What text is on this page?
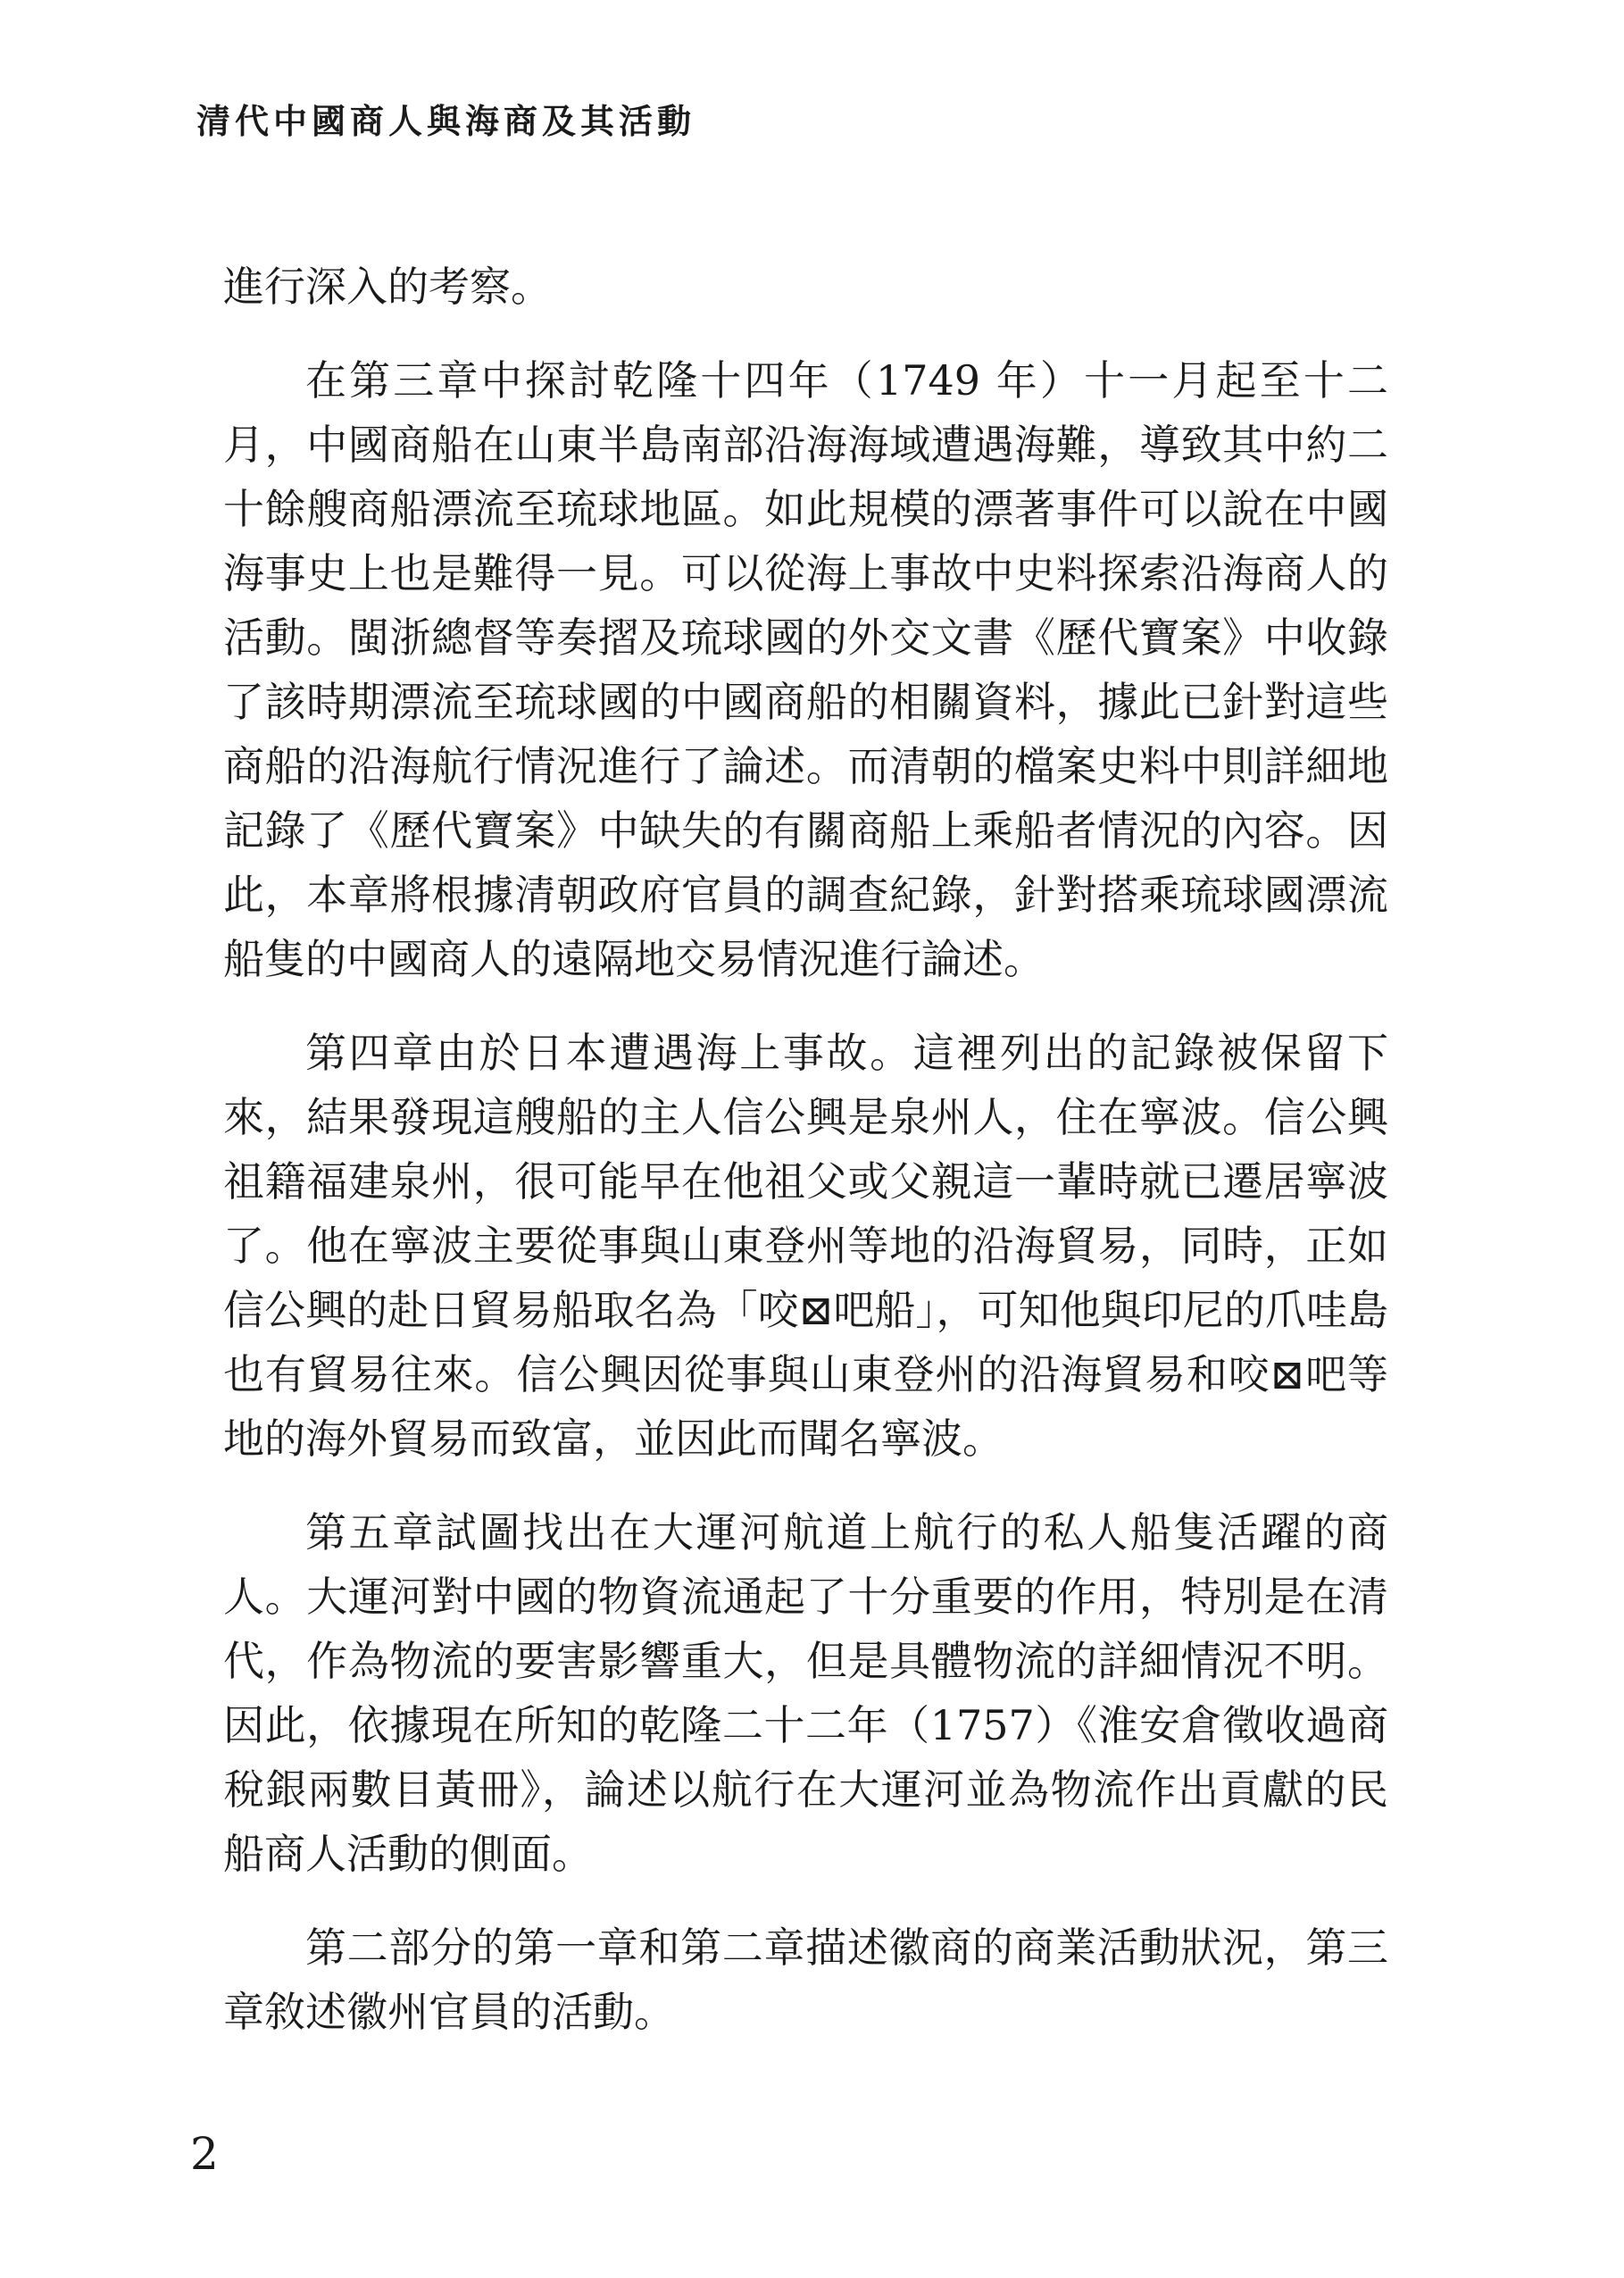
清代中國商人與海商及其活動

進行深入的考察。

在第三章中探討乾隆十四年（1749 年）十一月起至十二月，中國商船在山東半島南部沿海海域遭遇海難，導致其中約二十餘艘商船漂流至琉球地區。如此規模的漂著事件可以說在中國海事史上也是難得一見。可以從海上事故中史料探索沿海商人的活動。閩浙總督等奏摺及琉球國的外交文書《歷代寶案》中收錄了該時期漂流至琉球國的中國商船的相關資料，據此已針對這些商船的沿海航行情況進行了論述。而清朝的檔案史料中則詳細地記錄了《歷代寶案》中缺失的有關商船上乘船者情況的內容。因此，本章將根據清朝政府官員的調查紀錄，針對搭乘琉球國漂流船隻的中國商人的遠隔地交易情況進行論述。

第四章由於日本遭遇海上事故。這裡列出的記錄被保留下來，結果發現這艘船的主人信公興是泉州人，住在寧波。信公興祖籍福建泉州，很可能早在他祖父或父親這一輩時就已遷居寧波了。他在寧波主要從事與山東登州等地的沿海貿易，同時，正如信公興的赴日貿易船取名為「咬⊠吧船」，可知他與印尼的爪哇島也有貿易往來。信公興因從事與山東登州的沿海貿易和咬⊠吧等地的海外貿易而致富，並因此而聞名寧波。

第五章試圖找出在大運河航道上航行的私人船隻活躍的商人。大運河對中國的物資流通起了十分重要的作用，特別是在清代，作為物流的要害影響重大，但是具體物流的詳細情況不明。因此，依據現在所知的乾隆二十二年（1757）《淮安倉徵收過商稅銀兩數目黃冊》，論述以航行在大運河並為物流作出貢獻的民船商人活動的側面。

第二部分的第一章和第二章描述徽商的商業活動狀況，第三章敘述徽州官員的活動。

2
